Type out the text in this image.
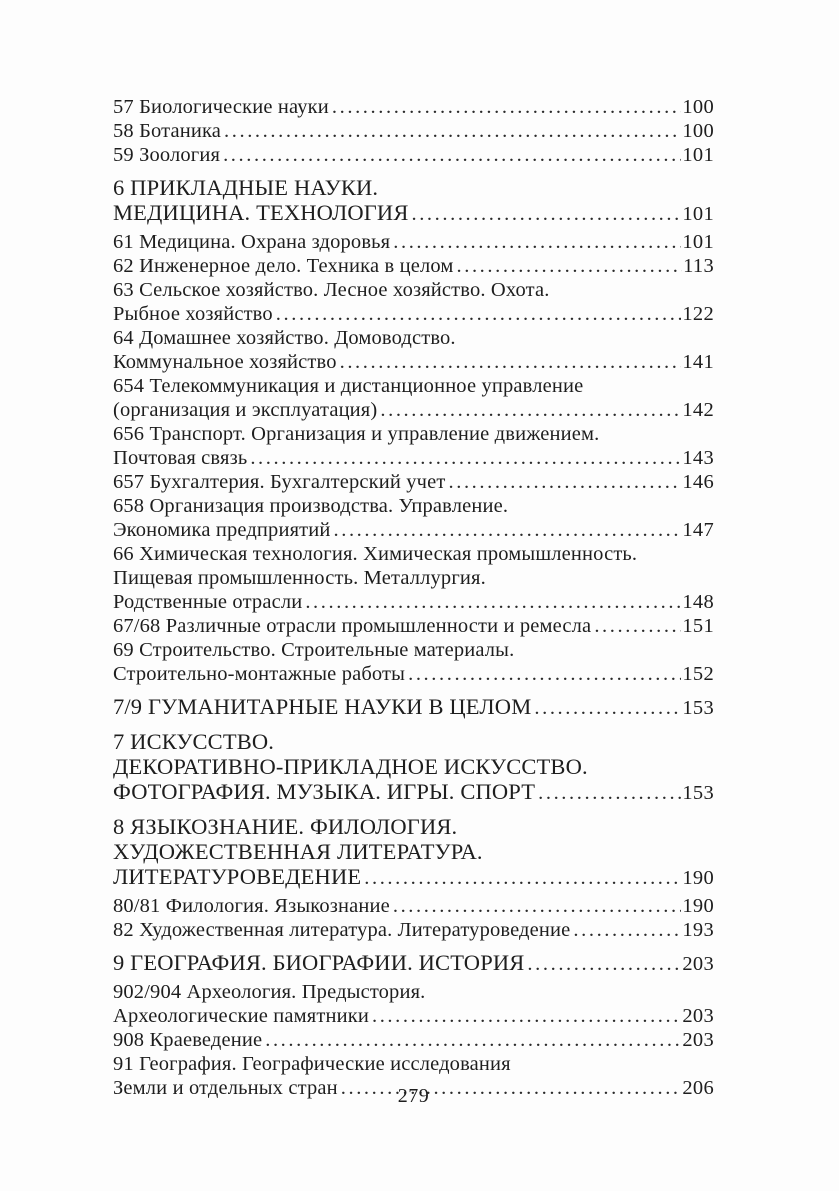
57 Биологические науки .....	100
58 Ботаника .....	100
59 Зоология .....	101
6 ПРИКЛАДНЫЕ НАУКИ.
МЕДИЦИНА. ТЕХНОЛОГИЯ .....	101
61 Медицина. Охрана здоровья .....	101
62 Инженерное дело. Техника в целом .....	113
63 Сельское хозяйство. Лесное хозяйство. Охота.
Рыбное хозяйство .....	122
64 Домашнее хозяйство. Домоводство.
Коммунальное хозяйство .....	141
654 Телекоммуникация и дистанционное управление
(организация и эксплуатация) .....	142
656 Транспорт. Организация и управление движением.
Почтовая связь .....	143
657 Бухгалтерия. Бухгалтерский учет .....	146
658 Организация производства. Управление.
Экономика предприятий .....	147
66 Химическая технология. Химическая промышленность.
Пищевая промышленность. Металлургия.
Родственные отрасли .....	148
67/68 Различные отрасли промышленности и ремесла .....	151
69 Строительство. Строительные материалы.
Строительно-монтажные работы .....	152
7/9 ГУМАНИТАРНЫЕ НАУКИ В ЦЕЛОМ .....	153
7 ИСКУССТВО.
ДЕКОРАТИВНО-ПРИКЛАДНОЕ ИСКУССТВО.
ФОТОГРАФИЯ. МУЗЫКА. ИГРЫ. СПОРТ .....	153
8 ЯЗЫКОЗНАНИЕ. ФИЛОЛОГИЯ.
ХУДОЖЕСТВЕННАЯ ЛИТЕРАТУРА.
ЛИТЕРАТУРОВЕДЕНИЕ .....	190
80/81 Филология. Языкознание .....	190
82 Художественная литература. Литературоведение .....	193
9 ГЕОГРАФИЯ. БИОГРАФИИ. ИСТОРИЯ .....	203
902/904 Археология. Предыстория.
Археологические памятники .....	203
908 Краеведение .....	203
91 География. Географические исследования
Земли и отдельных стран .....	206
279
